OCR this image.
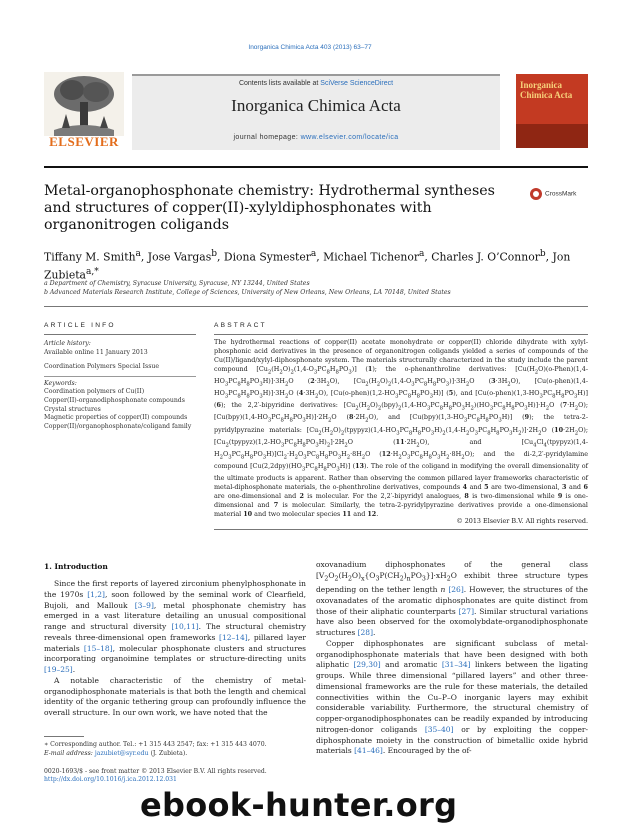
Inorganica Chimica Acta 403 (2013) 63–77
ELSEVIER
Contents lists available at SciVerse ScienceDirect
Inorganica Chimica Acta
journal homepage: www.elsevier.com/locate/ica
Inorganica Chimica Acta
Metal-organophosphonate chemistry: Hydrothermal syntheses and structures of copper(II)-xylyldiphosphonates with organonitrogen coligands
CrossMark
Tiffany M. Smith$^a$, Jose Vargas$^b$, Diona Symester$^a$, Michael Tichenor$^a$, Charles J. O’Connor$^b$, Jon Zubieta$^{a,*}$
a Department of Chemistry, Syracuse University, Syracuse, NY 13244, United States
b Advanced Materials Research Institute, College of Sciences, University of New Orleans, New Orleans, LA 70148, United States
ARTICLE INFO	ABSTRACT
Article history:
Available online 11 January 2013
Coordination Polymers Special Issue
Keywords:
Coordination polymers of Cu(II)
Copper(II)-organodiphosphonate compounds
Crystal structures
Magnetic properties of copper(II) compounds
Copper(II)/organophosphonate/coligand family
The hydrothermal reactions of copper(II) acetate monohydrate or copper(II) chloride dihydrate with xylyl-phosphonic acid derivatives in the presence of organonitrogen coligands yielded a series of compounds of the Cu(II)/ligand/xylyl-diphosphonate system. The materials structurally characterized in the study include the parent compound $[Cu_2(H_2O)_2(1,4-O_3PC_8H_8PO_3)]$ (1); the o-phenanthroline derivatives: $[Cu(H_2O)(o-Phen)(1,4-HO_3PC_8H_8PO_3H)]\cdot 3H_2O$ $(2\cdot 3H_2O)$, $[Cu_2(H_2O)_2(1,4-O_3PC_8H_8PO_3)]\cdot 3H_2O$ $(3\cdot 3H_2O)$, $[Cu(o-phen)(1,4-HO_3PC_8H_8PO_3H)]\cdot 3H_2O$ $(4\cdot 3H_2O)$, $[Cu(o-phen)(1,2-HO_3PC_8H_8PO_3H)]$ (5), and $[Cu(o-phen)(1,3-HO_3PC_8H_8PO_3H)]$ (6); the 2,2′-bipyridine derivatives: $[Cu_2(H_2O)_2(bpy)_2(1,4-HO_3PC_8H_8PO_3H_2)(HO_3PC_8H_8PO_3H)]\cdot H_2O$ $(7\cdot H_2O)$; $[Cu(bpy)(1,4-HO_3PC_8H_8PO_3H)]\cdot 2H_2O$ $(8\cdot 2H_2O)$, and $[Cu(bpy)(1,3-HO_3PC_8H_8PO_3H)]$ (9); the tetra-2-pyridylpyrazine materials: $[Cu_2(H_2O)_2(tpypyz)(1,4-HO_3PC_8H_8PO_3H)_2(1,4-H_2O_3PC_8H_8PO_3H_2)]\cdot 2H_2O$ $(10\cdot 2H_2O)$; $[Cu_2(tpypyz)(1,2-HO_3PC_8H_8PO_3H)_2]\cdot 2H_2O$ $(11\cdot 2H_2O)$, and $[Cu_4Cl_4(tpypyz)(1,4-H_2O_3PC_8H_8PO_3H)]Cl_2\cdot H_2O_3PC_8H_8PO_3H_2\cdot 8H_2O$ $(12\cdot H_2O_3PC_8H_8O_3H_2\cdot 8H_2O)$; and the di-2,2′-pyridylamine compound $[Cu(2,2dpy)(HO_3PC_8H_8PO_3H)]$ (13). The role of the coligand in modifying the overall dimensionality of the ultimate products is apparent. Rather than observing the common pillared layer frameworks characteristic of metal-diphosphonate materials, the o-phenthroline derivatives, compounds 4 and 5 are two-dimensional, 3 and 6 are one-dimensional and 2 is molecular. For the 2,2′-bipyridyl analogues, 8 is two-dimensional while 9 is one-dimensional and 7 is molecular. Similarly, the tetra-2-pyridylpyrazine derivatives provide a one-dimensional material 10 and two molecular species 11 and 12.
© 2013 Elsevier B.V. All rights reserved.
1. Introduction

Since the first reports of layered zirconium phenylphosphonate in the 1970s [1,2], soon followed by the seminal work of Clearfield, Bujoli, and Mallouk [3–9], metal phosphonate chemistry has emerged in a vast literature detailing an unusual compositional range and structural diversity [10,11]. The structural chemistry reveals three-dimensional open frameworks [12–14], pillared layer materials [15–18], molecular phosphonate clusters and structures incorporating organoimine templates or structure-directing units [19–25].

A notable characteristic of the chemistry of metal-organodiphosphonate materials is that both the length and chemical identity of the organic tethering group can profoundly influence the overall structure. In our own work, we have noted that the

oxovanadium diphosphonates of the general class $[V_2O_2(H_2O)_x\{O_3P(CH_2)_nPO_3\}]\cdot xH_2O$ exhibit three structure types depending on the tether length n [26]. However, the structures of the oxovanadates of the aromatic diphosphonates are quite distinct from those of their aliphatic counterparts [27]. Similar structural variations have also been observed for the oxomolybdate-organodiphosphonate structures [28].

Copper diphosphonates are significant subclass of metal-organodiphosphonate materials that have been designed with both aliphatic [29,30] and aromatic [31–34] linkers between the ligating groups. While three dimensional “pillared layers” and other three-dimensional frameworks are the rule for these materials, the detailed connectivities within the Cu–P–O inorganic layers may exhibit considerable variability. Furthermore, the structural chemistry of copper-organodiphosphonates can be readily expanded by introducing nitrogen-donor coligands [35–40] or by exploiting the copper-diphosphonate moiety in the construction of bimetallic oxide hybrid materials [41–46]. Encouraged by the of-

∗ Corresponding author. Tel.: +1 315 443 2547; fax: +1 315 443 4070.
E-mail address: jazubiet@syr.edu (J. Zubieta).
0020-1693/$ - see front matter © 2013 Elsevier B.V. All rights reserved.
http://dx.doi.org/10.1016/j.ica.2012.12.031
ebook-hunter.org
